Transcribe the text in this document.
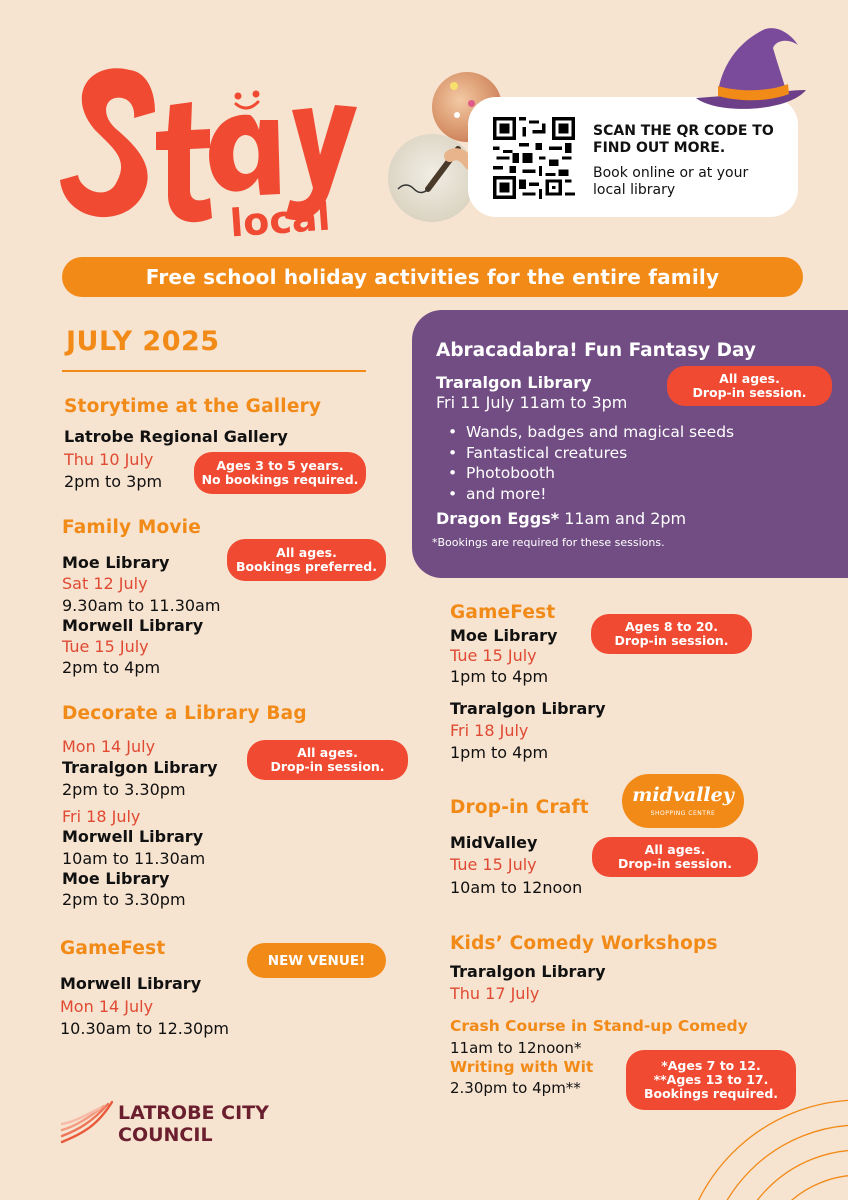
local
SCAN THE QR CODE TO FIND OUT MORE.
Book online or at your local library
Free school holiday activities for the entire family
JULY 2025
Storytime at the Gallery
Latrobe Regional Gallery
Thu 10 July
2pm to 3pm
Ages 3 to 5 years.
No bookings required.
Family Movie
Moe Library
Sat 12 July
9.30am to 11.30am
Morwell Library
Tue 15 July
2pm to 4pm
All ages.
Bookings preferred.
Decorate a Library Bag
Mon 14 July
Traralgon Library
2pm to 3.30pm
Fri 18 July
Morwell Library
10am to 11.30am
Moe Library
2pm to 3.30pm
All ages.
Drop-in session.
GameFest
Morwell Library
Mon 14 July
10.30am to 12.30pm
NEW VENUE!
LATROBE CITY
COUNCIL
Abracadabra! Fun Fantasy Day
Traralgon Library
Fri 11 July 11am to 3pm
All ages.
Drop-in session.
• Wands, badges and magical seeds
• Fantastical creatures
• Photobooth
• and more!
Dragon Eggs* 11am and 2pm
*Bookings are required for these sessions.
GameFest
Moe Library
Tue 15 July
1pm to 4pm
Traralgon Library
Fri 18 July
1pm to 4pm
Ages 8 to 20.
Drop-in session.
Drop-in Craft
midvalley
SHOPPING CENTRE
MidValley
Tue 15 July
10am to 12noon
All ages.
Drop-in session.
Kids’ Comedy Workshops
Traralgon Library
Thu 17 July
Crash Course in Stand-up Comedy
11am to 12noon*
Writing with Wit
2.30pm to 4pm**
*Ages 7 to 12.
**Ages 13 to 17.
Bookings required.
